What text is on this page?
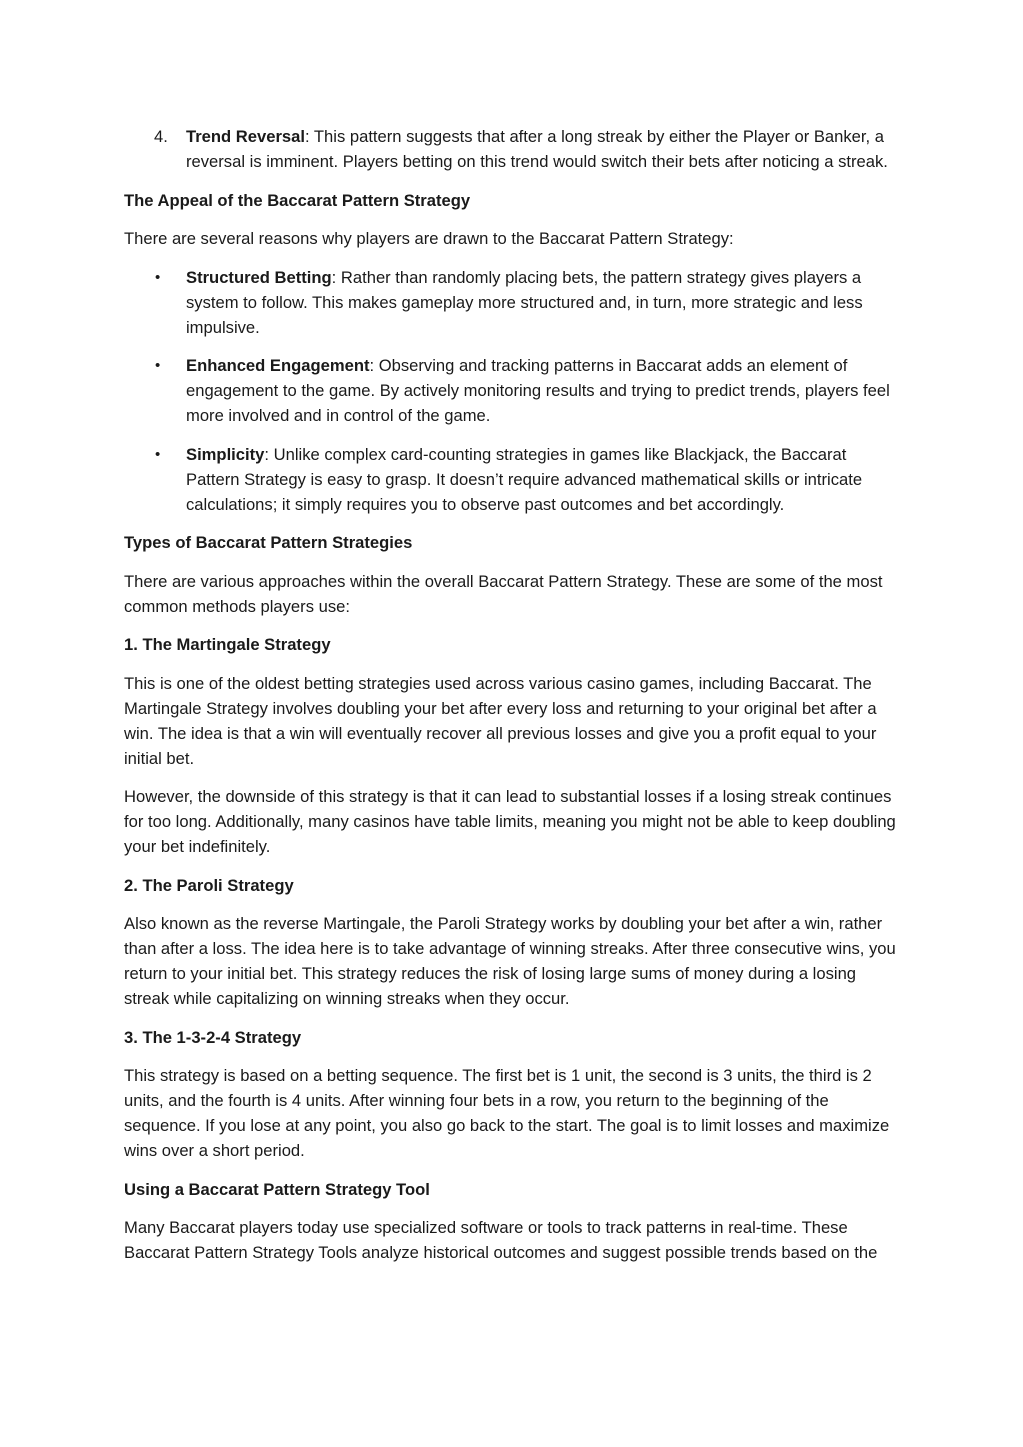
4. Trend Reversal: This pattern suggests that after a long streak by either the Player or Banker, a reversal is imminent. Players betting on this trend would switch their bets after noticing a streak.
The Appeal of the Baccarat Pattern Strategy

There are several reasons why players are drawn to the Baccarat Pattern Strategy:

• Structured Betting: Rather than randomly placing bets, the pattern strategy gives players a system to follow. This makes gameplay more structured and, in turn, more strategic and less impulsive.
• Enhanced Engagement: Observing and tracking patterns in Baccarat adds an element of engagement to the game. By actively monitoring results and trying to predict trends, players feel more involved and in control of the game.
• Simplicity: Unlike complex card-counting strategies in games like Blackjack, the Baccarat Pattern Strategy is easy to grasp. It doesn’t require advanced mathematical skills or intricate calculations; it simply requires you to observe past outcomes and bet accordingly.
Types of Baccarat Pattern Strategies

There are various approaches within the overall Baccarat Pattern Strategy. These are some of the most common methods players use:

1. The Martingale Strategy

This is one of the oldest betting strategies used across various casino games, including Baccarat. The Martingale Strategy involves doubling your bet after every loss and returning to your original bet after a win. The idea is that a win will eventually recover all previous losses and give you a profit equal to your initial bet.

However, the downside of this strategy is that it can lead to substantial losses if a losing streak continues for too long. Additionally, many casinos have table limits, meaning you might not be able to keep doubling your bet indefinitely.

2. The Paroli Strategy

Also known as the reverse Martingale, the Paroli Strategy works by doubling your bet after a win, rather than after a loss. The idea here is to take advantage of winning streaks. After three consecutive wins, you return to your initial bet. This strategy reduces the risk of losing large sums of money during a losing streak while capitalizing on winning streaks when they occur.

3. The 1-3-2-4 Strategy

This strategy is based on a betting sequence. The first bet is 1 unit, the second is 3 units, the third is 2 units, and the fourth is 4 units. After winning four bets in a row, you return to the beginning of the sequence. If you lose at any point, you also go back to the start. The goal is to limit losses and maximize wins over a short period.

Using a Baccarat Pattern Strategy Tool

Many Baccarat players today use specialized software or tools to track patterns in real-time. These Baccarat Pattern Strategy Tools analyze historical outcomes and suggest possible trends based on the
